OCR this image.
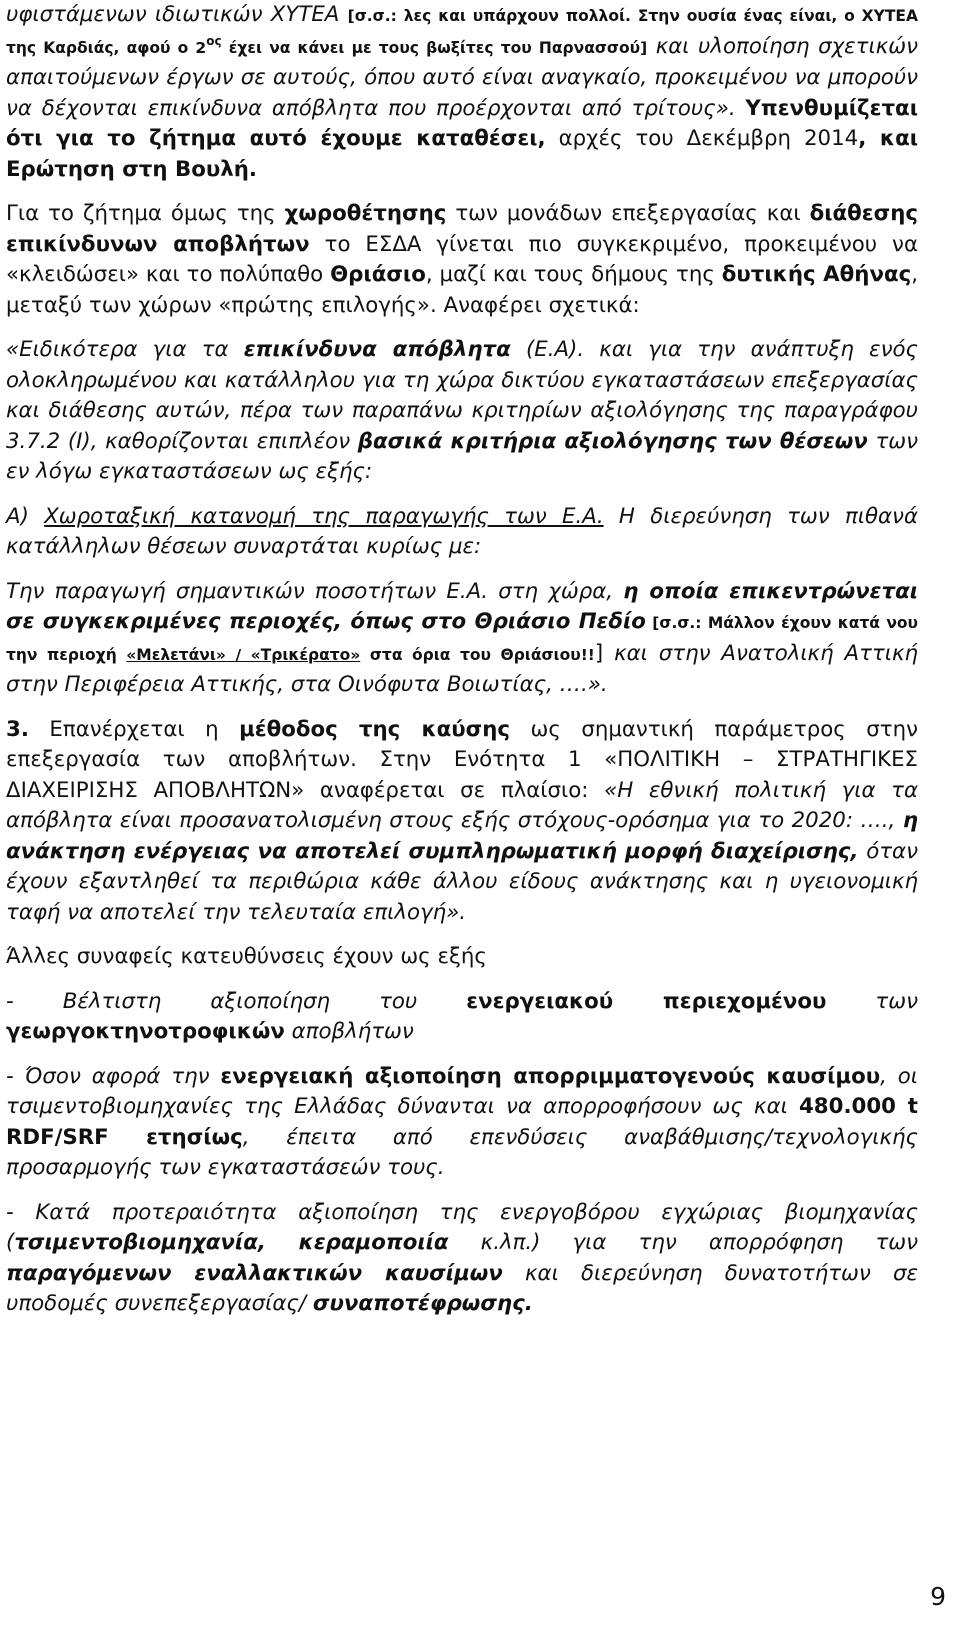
υφιστάμενων ιδιωτικών ΧΥΤΕΑ [σ.σ.: λες και υπάρχουν πολλοί. Στην ουσία ένας είναι, ο ΧΥΤΕΑ της Καρδιάς, αφού ο $2^{o\varsigma}$ έχει να κάνει με τους βωξίτες του Παρνασσού] και υλοποίηση σχετικών απαιτούμενων έργων σε αυτούς, όπου αυτό είναι αναγκαίο, προκειμένου να μπορούν να δέχονται επικίνδυνα απόβλητα που προέρχονται από τρίτους». Υπενθυμίζεται ότι για το ζήτημα αυτό έχουμε καταθέσει, αρχές του Δεκέμβρη 2014, και Ερώτηση στη Βουλή.

Για το ζήτημα όμως της χωροθέτησης των μονάδων επεξεργασίας και διάθεσης επικίνδυνων αποβλήτων το ΕΣΔΑ γίνεται πιο συγκεκριμένο, προκειμένου να «κλειδώσει» και το πολύπαθο Θριάσιο, μαζί και τους δήμους της δυτικής Αθήνας, μεταξύ των χώρων «πρώτης επιλογής». Αναφέρει σχετικά:

«Ειδικότερα για τα επικίνδυνα απόβλητα (Ε.Α). και για την ανάπτυξη ενός ολοκληρωμένου και κατάλληλου για τη χώρα δικτύου εγκαταστάσεων επεξεργασίας και διάθεσης αυτών, πέρα των παραπάνω κριτηρίων αξιολόγησης της παραγράφου 3.7.2 (Ι), καθορίζονται επιπλέον βασικά κριτήρια αξιολόγησης των θέσεων των εν λόγω εγκαταστάσεων ως εξής:

Α) Χωροταξική κατανομή της παραγωγής των Ε.Α. Η διερεύνηση των πιθανά κατάλληλων θέσεων συναρτάται κυρίως με:

Την παραγωγή σημαντικών ποσοτήτων Ε.Α. στη χώρα, η οποία επικεντρώνεται σε συγκεκριμένες περιοχές, όπως στο Θριάσιο Πεδίο [σ.σ.: Μάλλον έχουν κατά νου την περιοχή «Μελετάνι» / «Τρικέρατο» στα όρια του Θριάσιου!!] και στην Ανατολική Αττική στην Περιφέρεια Αττικής, στα Οινόφυτα Βοιωτίας, ….».

3. Επανέρχεται η μέθοδος της καύσης ως σημαντική παράμετρος στην επεξεργασία των αποβλήτων. Στην Ενότητα 1 «ΠΟΛΙΤΙΚΗ – ΣΤΡΑΤΗΓΙΚΕΣ ΔΙΑΧΕΙΡΙΣΗΣ ΑΠΟΒΛΗΤΩΝ» αναφέρεται σε πλαίσιο: «Η εθνική πολιτική για τα απόβλητα είναι προσανατολισμένη στους εξής στόχους-ορόσημα για το 2020: …., η ανάκτηση ενέργειας να αποτελεί συμπληρωματική μορφή διαχείρισης, όταν έχουν εξαντληθεί τα περιθώρια κάθε άλλου είδους ανάκτησης και η υγειονομική ταφή να αποτελεί την τελευταία επιλογή».

Άλλες συναφείς κατευθύνσεις έχουν ως εξής

- Βέλτιστη αξιοποίηση του ενεργειακού περιεχομένου των γεωργοκτηνοτροφικών αποβλήτων

- Όσον αφορά την ενεργειακή αξιοποίηση απορριμματογενούς καυσίμου, οι τσιμεντοβιομηχανίες της Ελλάδας δύνανται να απορροφήσουν ως και 480.000 t RDF/SRF ετησίως, έπειτα από επενδύσεις αναβάθμισης/τεχνολογικής προσαρμογής των εγκαταστάσεών τους.

- Κατά προτεραιότητα αξιοποίηση της ενεργοβόρου εγχώριας βιομηχανίας (τσιμεντοβιομηχανία, κεραμοποιία κ.λπ.) για την απορρόφηση των παραγόμενων εναλλακτικών καυσίμων και διερεύνηση δυνατοτήτων σε υποδομές συνεπεξεργασίας/ συναποτέφρωσης.

9
